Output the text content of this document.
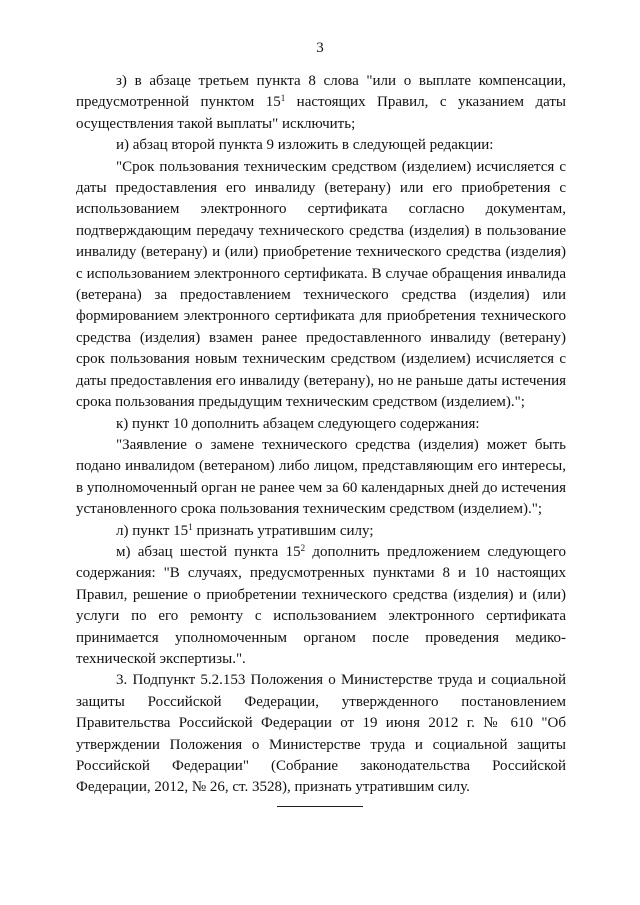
3

з) в абзаце третьем пункта 8 слова "или о выплате компенсации, предусмотренной пунктом $15^1$ настоящих Правил, с указанием даты осуществления такой выплаты" исключить;

и) абзац второй пункта 9 изложить в следующей редакции:

"Срок пользования техническим средством (изделием) исчисляется с даты предоставления его инвалиду (ветерану) или его приобретения с использованием электронного сертификата согласно документам, подтверждающим передачу технического средства (изделия) в пользование инвалиду (ветерану) и (или) приобретение технического средства (изделия) с использованием электронного сертификата. В случае обращения инвалида (ветерана) за предоставлением технического средства (изделия) или формированием электронного сертификата для приобретения технического средства (изделия) взамен ранее предоставленного инвалиду (ветерану) срок пользования новым техническим средством (изделием) исчисляется с даты предоставления его инвалиду (ветерану), но не раньше даты истечения срока пользования предыдущим техническим средством (изделием).";

к) пункт 10 дополнить абзацем следующего содержания:

"Заявление о замене технического средства (изделия) может быть подано инвалидом (ветераном) либо лицом, представляющим его интересы, в уполномоченный орган не ранее чем за 60 календарных дней до истечения установленного срока пользования техническим средством (изделием).";

л) пункт $15^1$ признать утратившим силу;

м) абзац шестой пункта $15^2$ дополнить предложением следующего содержания: "В случаях, предусмотренных пунктами 8 и 10 настоящих Правил, решение о приобретении технического средства (изделия) и (или) услуги по его ремонту с использованием электронного сертификата принимается уполномоченным органом после проведения медико-технической экспертизы.".

3. Подпункт 5.2.153 Положения о Министерстве труда и социальной защиты Российской Федерации, утвержденного постановлением Правительства Российской Федерации от 19 июня 2012 г. № 610 "Об утверждении Положения о Министерстве труда и социальной защиты Российской Федерации" (Собрание законодательства Российской Федерации, 2012, № 26, ст. 3528), признать утратившим силу.
